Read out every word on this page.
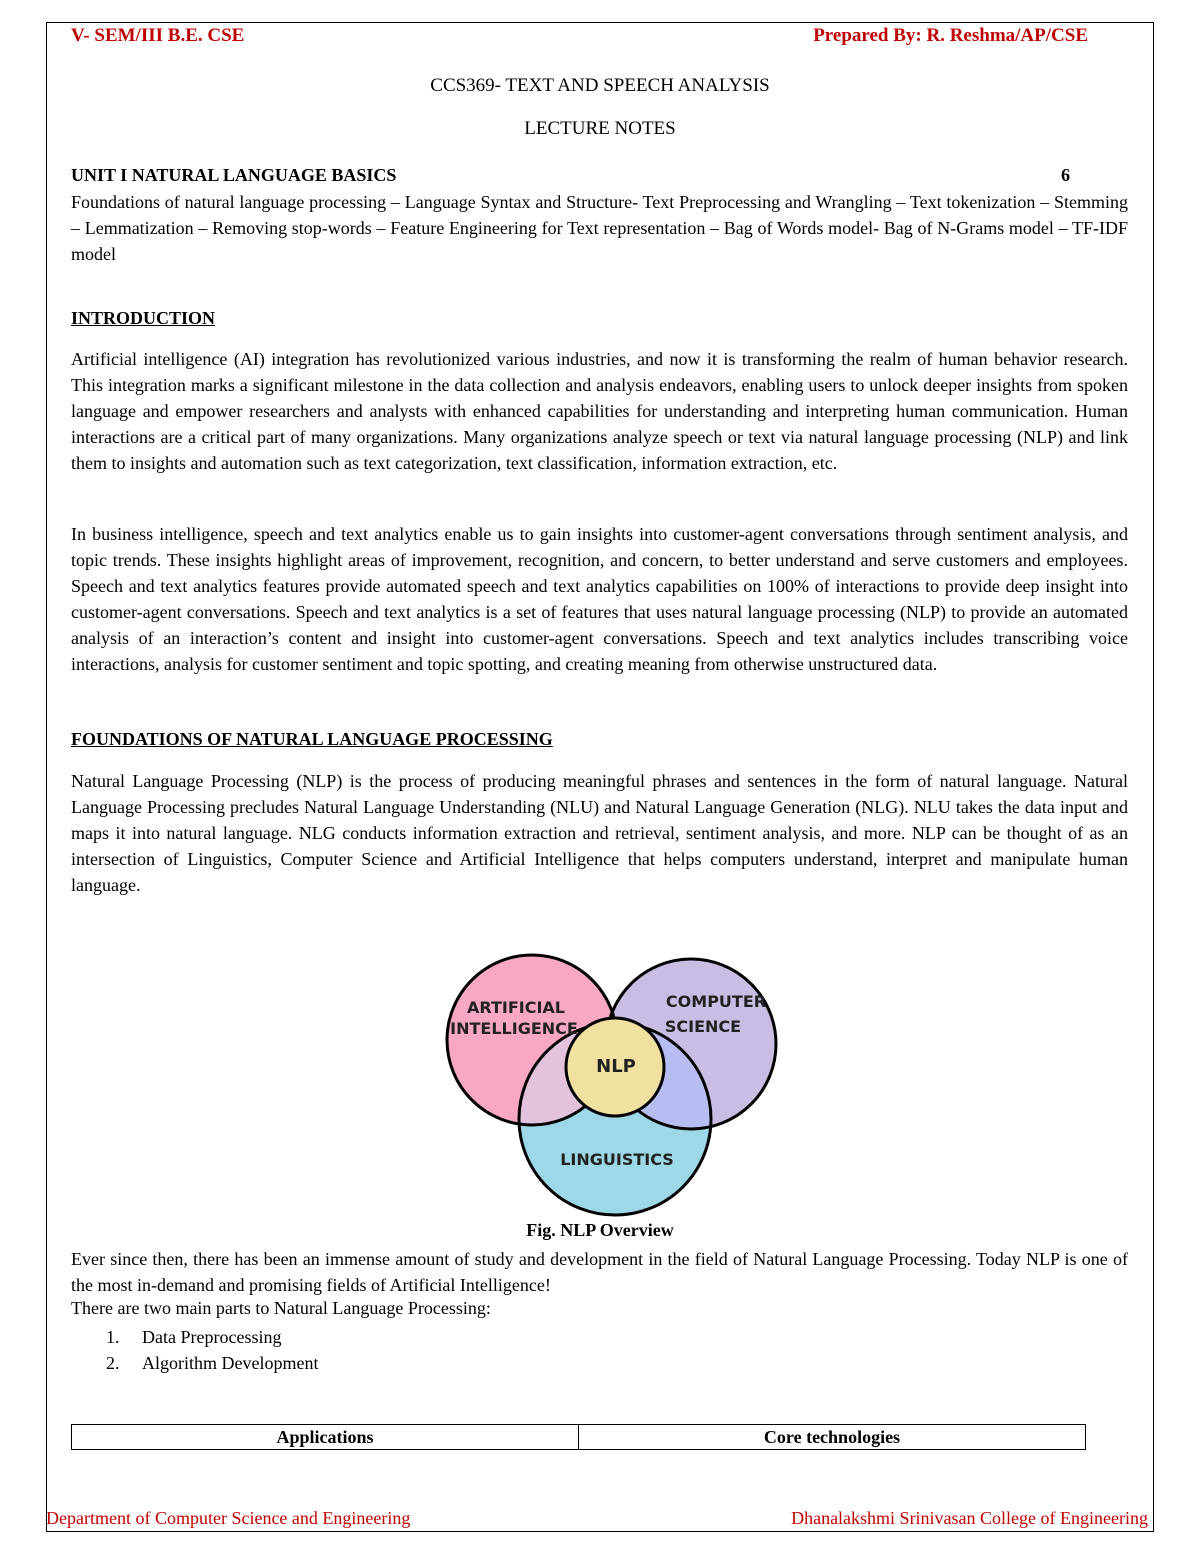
V- SEM/III B.E. CSE	Prepared By: R. Reshma/AP/CSE
CCS369- TEXT AND SPEECH ANALYSIS
LECTURE NOTES
UNIT I NATURAL LANGUAGE BASICS	6
Foundations of natural language processing – Language Syntax and Structure- Text Preprocessing and Wrangling – Text tokenization – Stemming – Lemmatization – Removing stop-words – Feature Engineering for Text representation – Bag of Words model- Bag of N-Grams model – TF-IDF model
INTRODUCTION
Artificial intelligence (AI) integration has revolutionized various industries, and now it is transforming the realm of human behavior research. This integration marks a significant milestone in the data collection and analysis endeavors, enabling users to unlock deeper insights from spoken language and empower researchers and analysts with enhanced capabilities for understanding and interpreting human communication. Human interactions are a critical part of many organizations. Many organizations analyze speech or text via natural language processing (NLP) and link them to insights and automation such as text categorization, text classification, information extraction, etc.
In business intelligence, speech and text analytics enable us to gain insights into customer-agent conversations through sentiment analysis, and topic trends. These insights highlight areas of improvement, recognition, and concern, to better understand and serve customers and employees. Speech and text analytics features provide automated speech and text analytics capabilities on 100% of interactions to provide deep insight into customer-agent conversations. Speech and text analytics is a set of features that uses natural language processing (NLP) to provide an automated analysis of an interaction’s content and insight into customer-agent conversations. Speech and text analytics includes transcribing voice interactions, analysis for customer sentiment and topic spotting, and creating meaning from otherwise unstructured data.
FOUNDATIONS OF NATURAL LANGUAGE PROCESSING
Natural Language Processing (NLP) is the process of producing meaningful phrases and sentences in the form of natural language. Natural Language Processing precludes Natural Language Understanding (NLU) and Natural Language Generation (NLG). NLU takes the data input and maps it into natural language. NLG conducts information extraction and retrieval, sentiment analysis, and more. NLP can be thought of as an intersection of Linguistics, Computer Science and Artificial Intelligence that helps computers understand, interpret and manipulate human language.
ARTIFICIAL
INTELLIGENCE
COMPUTER
SCIENCE
LINGUISTICS
NLP
Fig. NLP Overview
Ever since then, there has been an immense amount of study and development in the field of Natural Language Processing. Today NLP is one of the most in-demand and promising fields of Artificial Intelligence!
There are two main parts to Natural Language Processing:
1. Data Preprocessing
2. Algorithm Development
Applications	Core technologies
Department of Computer Science and Engineering	Dhanalakshmi Srinivasan College of Engineering
